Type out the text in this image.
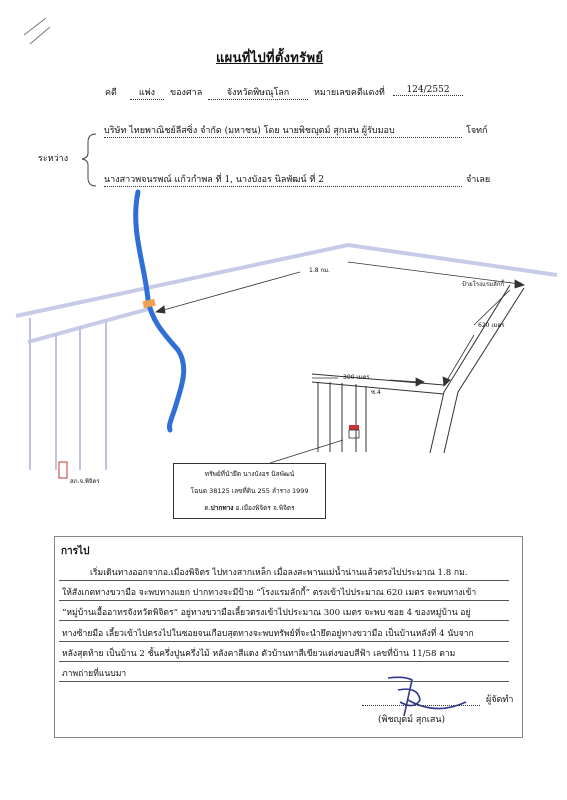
แผนที่ไปที่ตั้งทรัพย์
คดี	แพ่ง	ของศาล	จังหวัดพิษณุโลก	หมายเลขคดีแดงที่	124/2552
ระหว่าง
บริษัท ไทยพาณิชย์ลีสซิ่ง จำกัด (มหาชน) โดย นายพิชญุตม์ สุกเสน ผู้รับมอบ	โจทก์
นางสาวพจนรพณ์ แก้วกำพล ที่ 1, นางบังอร นิลพัฒน์ ที่ 2	จำเลย
1.8 กม.
ป้ายโรงแรมลักกี้
620 เมตร
300 เมตร
ซ.4
สภ.จ.พิจิตร
ทรัพย์ที่นำยึด นางบังอร นิลพัฒน์
โฉนด 38125 เลขที่ดิน 255 ลำราง 1999
ต.ปากทาง อ.เมืองพิจิตร จ.พิจิตร
การไป
เริ่มเดินทางออกจากอ.เมืองพิจิตร ไปทางสากเหล็ก เมื่อลงสะพานแม่น้ำน่านแล้วตรงไปประมาณ 1.8 กม.
ให้สังเกตทางขวามือ จะพบทางแยก ปากทางจะมีป้าย “โรงแรมลักกี้” ตรงเข้าไปประมาณ 620 เมตร จะพบทางเข้า
“หมู่บ้านเอื้ออาทรจังหวัดพิจิตร” อยู่ทางขวามือเลี้ยวตรงเข้าไปประมาณ 300 เมตร จะพบ ซอย 4 ของหมู่บ้าน อยู่
ทางซ้ายมือ เลี้ยวเข้าไปตรงไปในซอยจนเกือบสุดทางจะพบทรัพย์ที่จะนำยึดอยู่ทางขวามือ เป็นบ้านหลังที่ 4 นับจาก
หลังสุดท้าย เป็นบ้าน 2 ชั้นครึ่งปูนครึ่งไม้ หลังคาสีแดง ตัวบ้านทาสีเขียวแต่งขอบสีฟ้า เลขที่บ้าน 11/58 ตาม
ภาพถ่ายที่แนบมา
ผู้จัดทำ
(พิชญุตม์ สุกเสน)
